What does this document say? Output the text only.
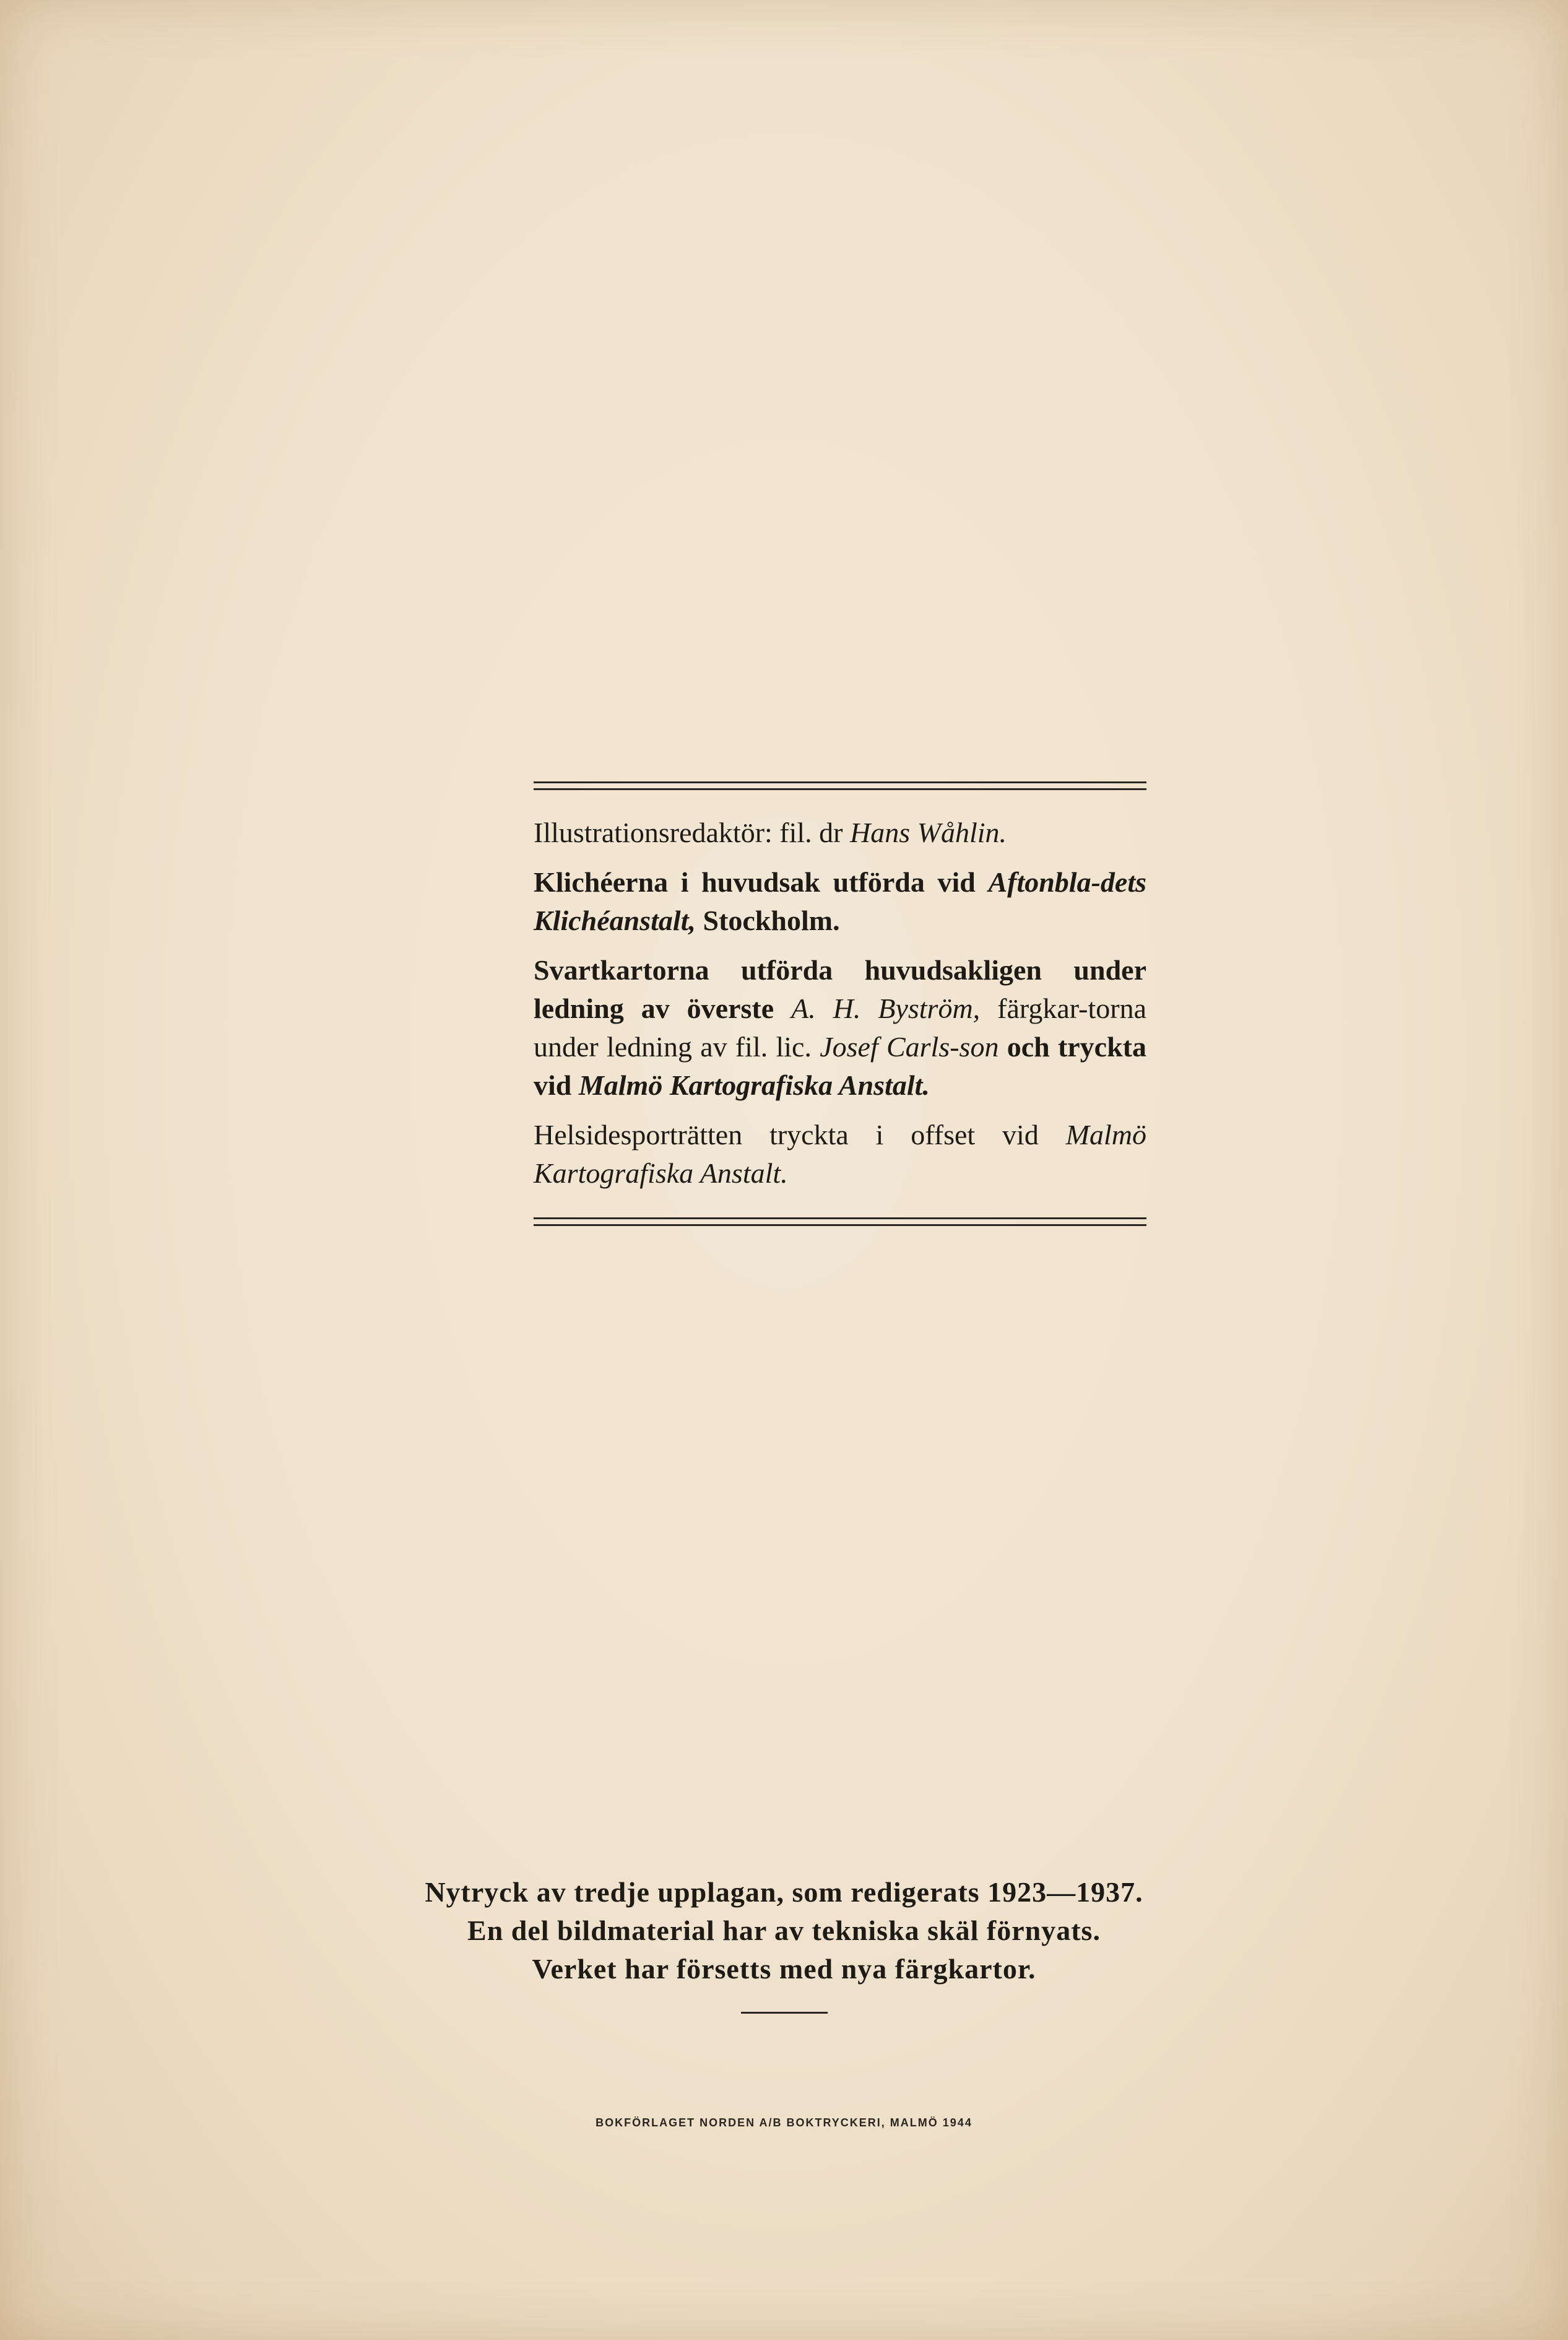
Illustrationsredaktör: fil. dr Hans Wåhlin.

Klichéerna i huvudsak utförda vid Aftonbla-dets Klichéanstalt, Stockholm.

Svartkartorna utförda huvudsakligen under ledning av överste A. H. Byström, färgkar-torna under ledning av fil. lic. Josef Carls-son och tryckta vid Malmö Kartografiska Anstalt.

Helsidesporträtten tryckta i offset vid Malmö Kartografiska Anstalt.

Nytryck av tredje upplagan, som redigerats 1923—1937.
En del bildmaterial har av tekniska skäl förnyats.
Verket har försetts med nya färgkartor.
BOKFÖRLAGET NORDEN A/B BOKTRYCKERI, MALMÖ 1944
